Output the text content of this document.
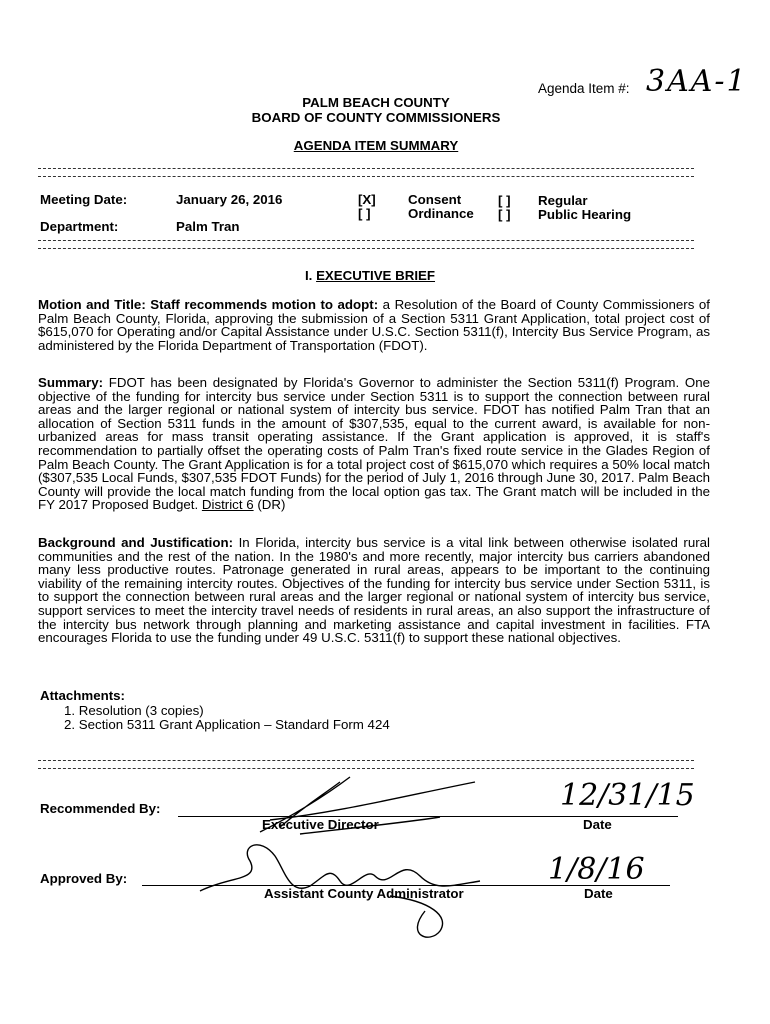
Agenda Item #: 3AA-1
PALM BEACH COUNTY
BOARD OF COUNTY COMMISSIONERS
AGENDA ITEM SUMMARY
Meeting Date:	January 26, 2016
Department:	Palm Tran
[X] Consent
[ ]	Ordinance
[ ] Regular
[ ] Public Hearing
I. EXECUTIVE BRIEF
Motion and Title: Staff recommends motion to adopt: a Resolution of the Board of County Commissioners of Palm Beach County, Florida, approving the submission of a Section 5311 Grant Application, total project cost of $615,070 for Operating and/or Capital Assistance under U.S.C. Section 5311(f), Intercity Bus Service Program, as administered by the Florida Department of Transportation (FDOT).
Summary: FDOT has been designated by Florida's Governor to administer the Section 5311(f) Program. One objective of the funding for intercity bus service under Section 5311 is to support the connection between rural areas and the larger regional or national system of intercity bus service. FDOT has notified Palm Tran that an allocation of Section 5311 funds in the amount of $307,535, equal to the current award, is available for non-urbanized areas for mass transit operating assistance. If the Grant application is approved, it is staff's recommendation to partially offset the operating costs of Palm Tran's fixed route service in the Glades Region of Palm Beach County. The Grant Application is for a total project cost of $615,070 which requires a 50% local match ($307,535 Local Funds, $307,535 FDOT Funds) for the period of July 1, 2016 through June 30, 2017. Palm Beach County will provide the local match funding from the local option gas tax. The Grant match will be included in the FY 2017 Proposed Budget. District 6 (DR)
Background and Justification: In Florida, intercity bus service is a vital link between otherwise isolated rural communities and the rest of the nation. In the 1980's and more recently, major intercity bus carriers abandoned many less productive routes. Patronage generated in rural areas, appears to be important to the continuing viability of the remaining intercity routes. Objectives of the funding for intercity bus service under Section 5311, is to support the connection between rural areas and the larger regional or national system of intercity bus service, support services to meet the intercity travel needs of residents in rural areas, an also support the infrastructure of the intercity bus network through planning and marketing assistance and capital investment in facilities. FTA encourages Florida to use the funding under 49 U.S.C. 5311(f) to support these national objectives.
Attachments:
1. Resolution (3 copies)
2. Section 5311 Grant Application – Standard Form 424
Recommended By:
Executive Director
12/31/15
Date
Approved By:
Assistant County Administrator
1/8/16
Date
